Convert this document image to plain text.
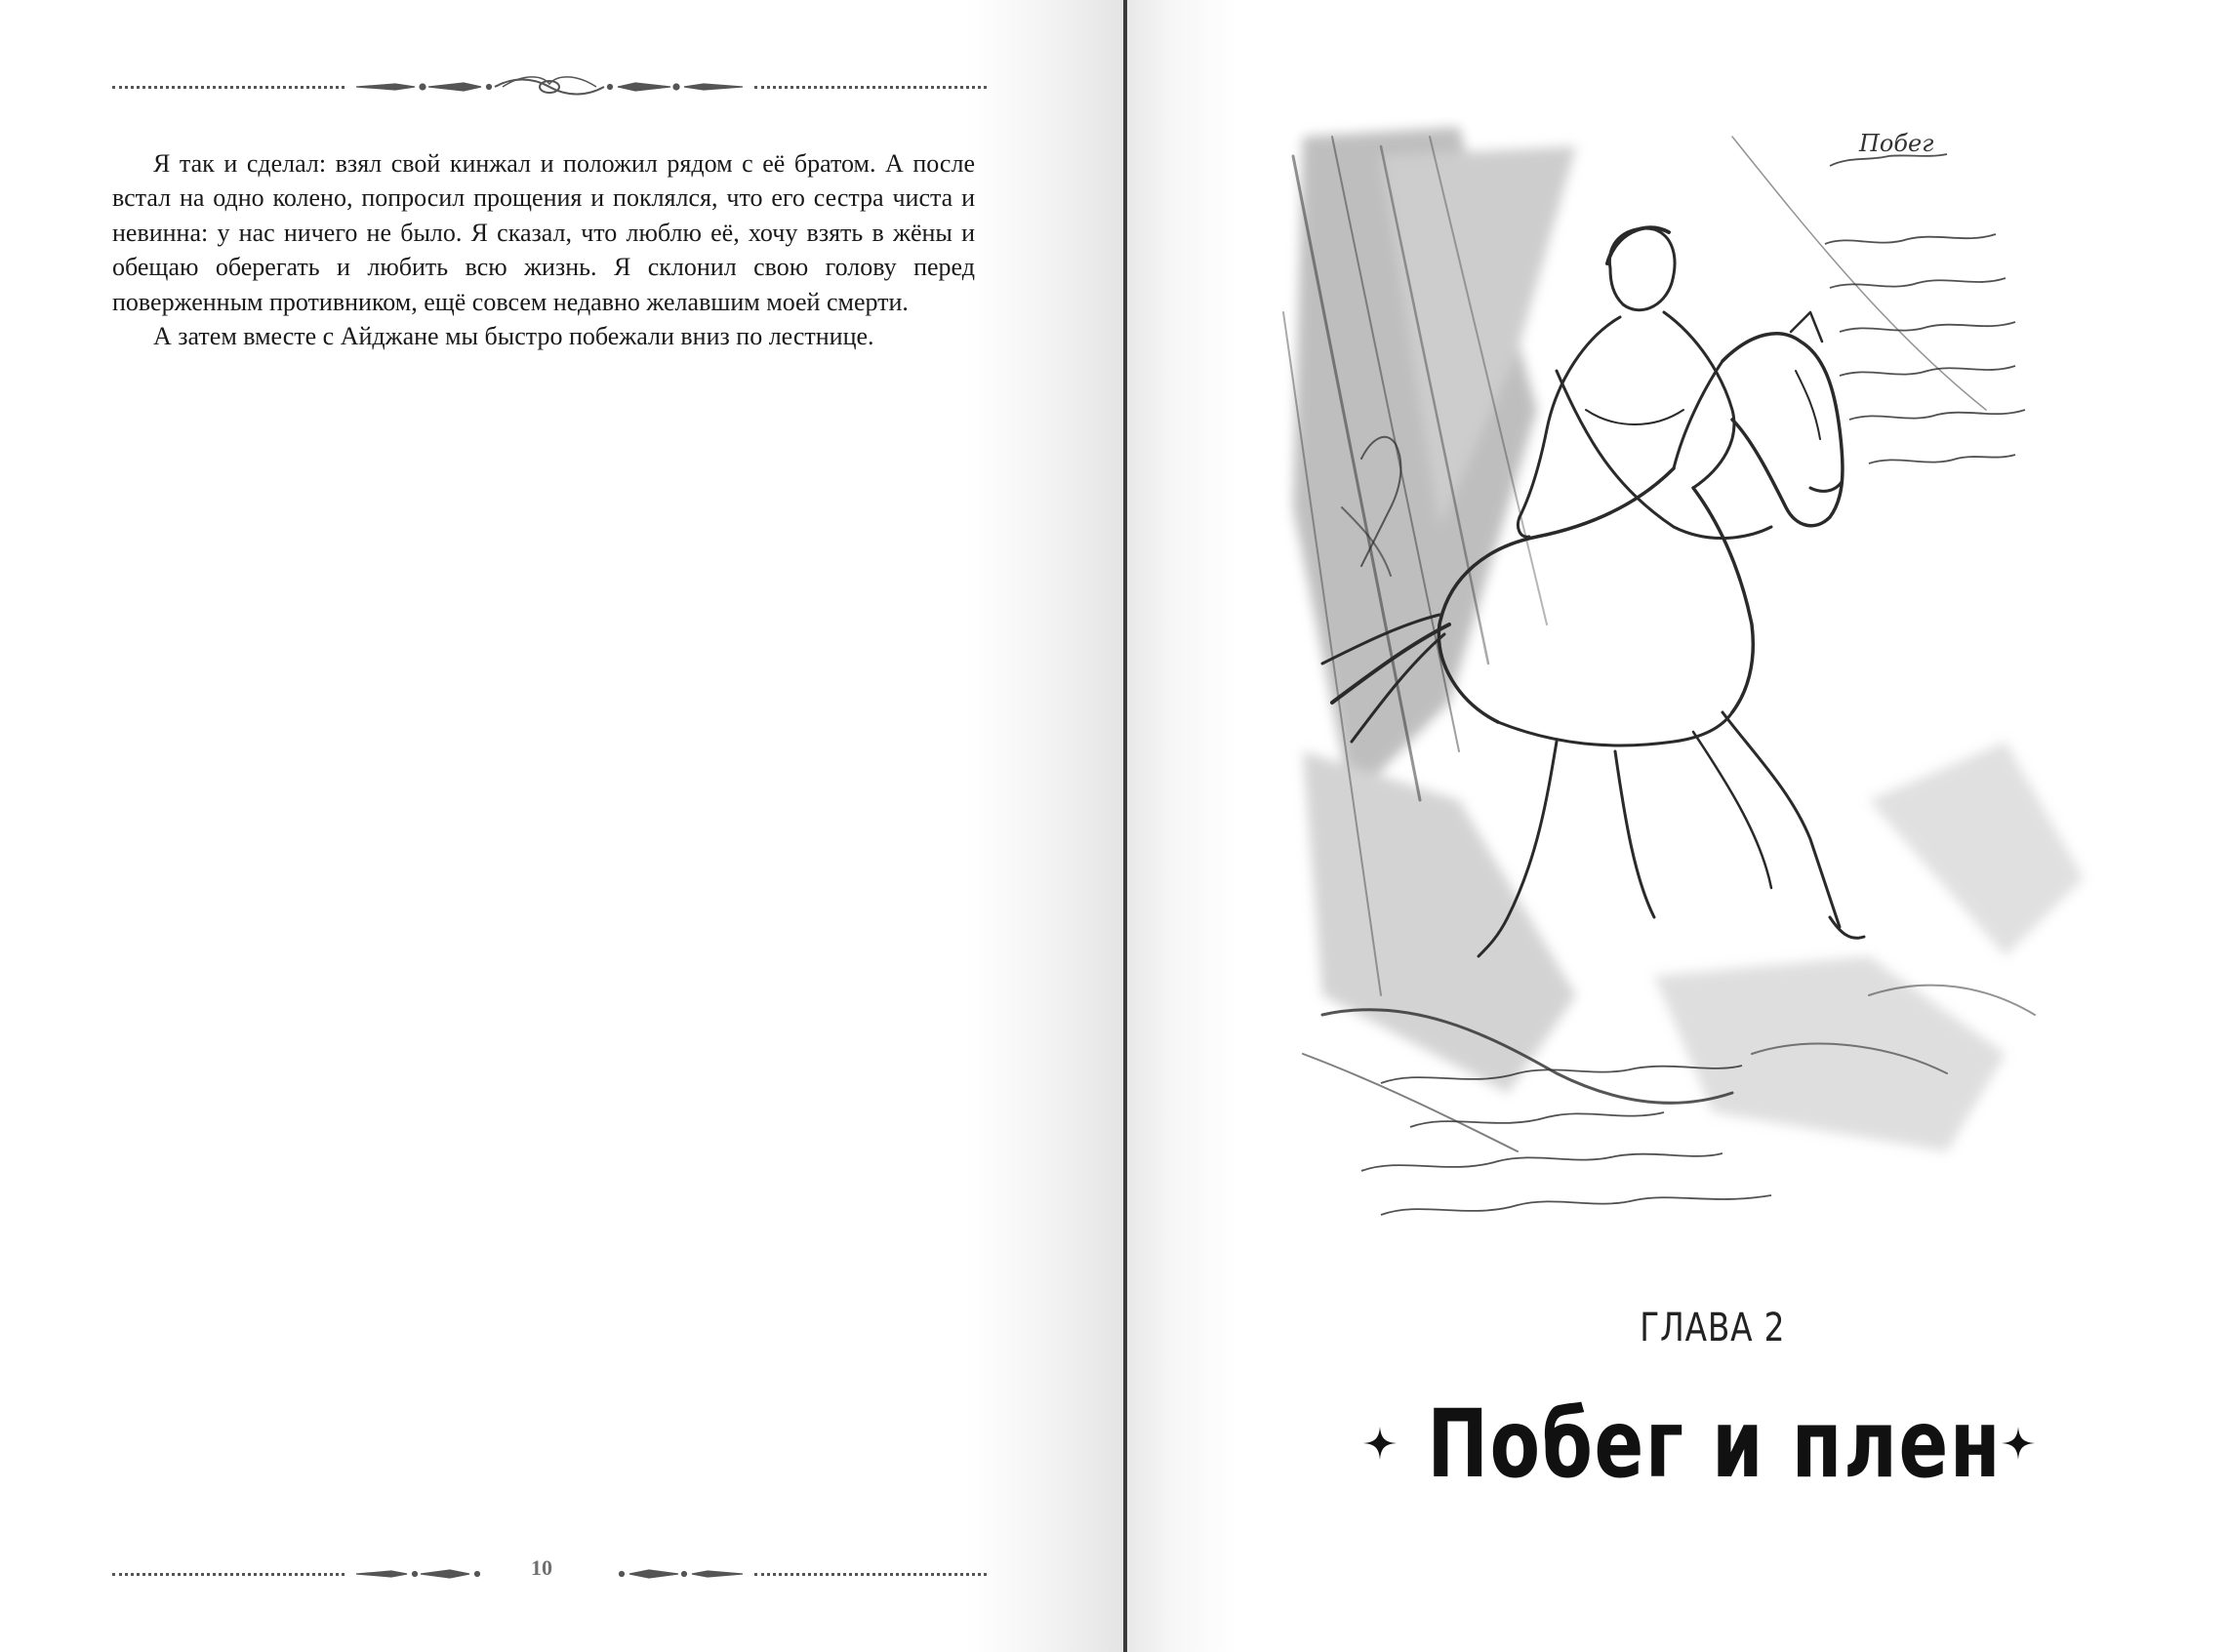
Я так и сделал: взял свой кинжал и положил рядом с её братом. А после встал на одно колено, попросил прощения и поклялся, что его сестра чиста и невинна: у нас ничего не было. Я сказал, что люблю её, хочу взять в жёны и обещаю оберегать и любить всю жизнь. Я склонил свою голову перед поверженным противником, ещё совсем недавно желавшим моей смерти.

А затем вместе с Айджане мы быстро побежали вниз по лестнице.

10
Побег
ГЛАВА 2
Побег и плен
